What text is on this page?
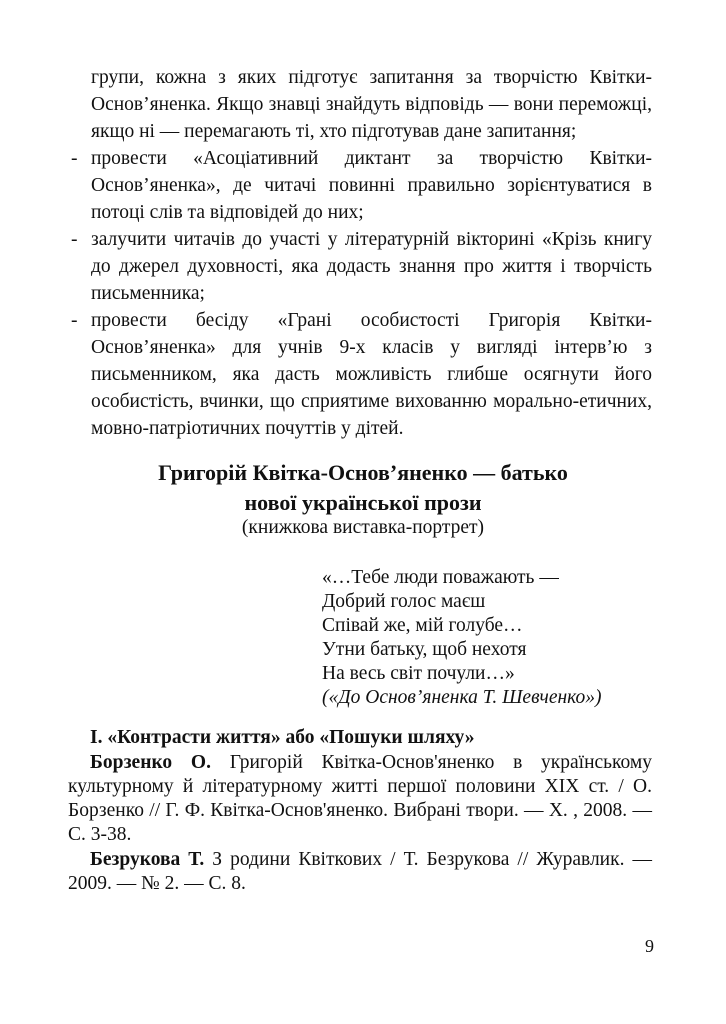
групи, кожна з яких підготує запитання за творчістю Квітки-Основ’яненка. Якщо знавці знайдуть відповідь — вони переможці, якщо ні — перемагають ті, хто підготував дане запитання;
- провести «Асоціативний диктант за творчістю Квітки-Основ’яненка», де читачі повинні правильно зорієнтуватися в потоці слів та відповідей до них;
- залучити читачів до участі у літературній вікторині «Крізь книгу до джерел духовності, яка додасть знання про життя і творчість письменника;
- провести бесіду «Грані особистості Григорія Квітки-Основ’яненка» для учнів 9-х класів у вигляді інтерв’ю з письменником, яка дасть можливість глибше осягнути його особистість, вчинки, що сприятиме вихованню морально-етичних, мовно-патріотичних почуттів у дітей.
Григорій Квітка-Основ’яненко — батько
нової української прози
(книжкова виставка-портрет)
«…Тебе люди поважають —
Добрий голос маєш
Співай же, мій голубе…
Утни батьку, щоб нехотя
На весь світ почули…»
(«До Основ’яненка Т. Шевченко»)
І. «Контрасти життя» або «Пошуки шляху»
Борзенко О. Григорій Квітка-Основ'яненко в українському культурному й літературному житті першої половини XIX ст. / О. Борзенко // Г. Ф. Квітка-Основ'яненко. Вибрані твори. — Х. , 2008. — С. 3-38.
Безрукова Т. З родини Квіткових / Т. Безрукова // Журавлик. — 2009. — № 2. — С. 8.
9
